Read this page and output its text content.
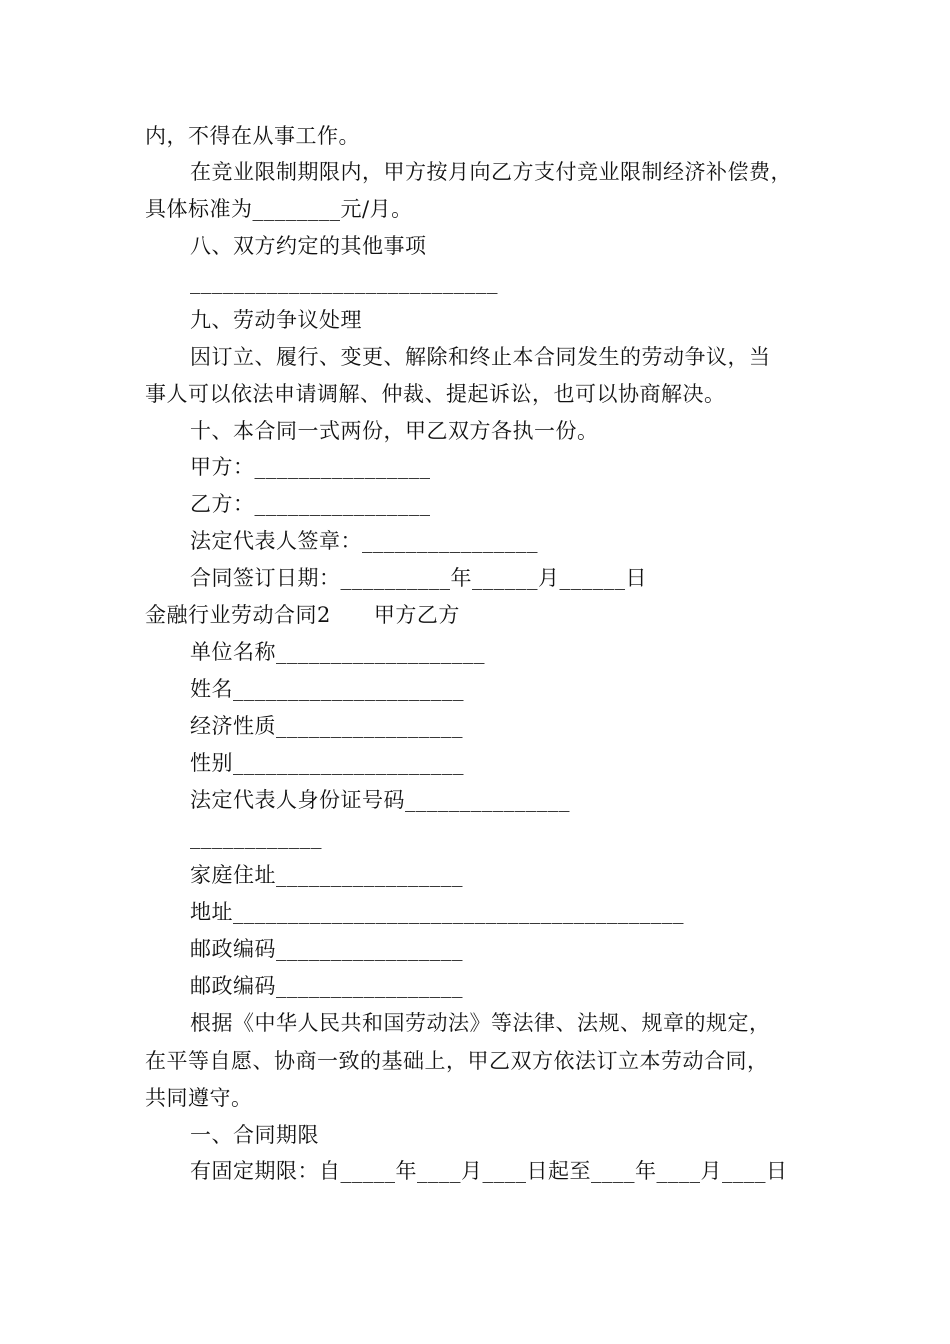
内，不得在从事工作。
在竞业限制期限内，甲方按月向乙方支付竞业限制经济补偿费，
具体标准为________元/月。
八、双方约定的其他事项
____________________________
九、劳动争议处理
因订立、履行、变更、解除和终止本合同发生的劳动争议，当
事人可以依法申请调解、仲裁、提起诉讼，也可以协商解决。
十、本合同一式两份，甲乙双方各执一份。
甲方：________________
乙方：________________
法定代表人签章：________________
合同签订日期：__________年______月______日
金融行业劳动合同2　　甲方乙方
单位名称___________________
姓名_____________________
经济性质_________________
性别_____________________
法定代表人身份证号码_______________
____________
家庭住址_________________
地址_________________________________________
邮政编码_________________
邮政编码_________________
根据《中华人民共和国劳动法》等法律、法规、规章的规定，
在平等自愿、协商一致的基础上，甲乙双方依法订立本劳动合同，
共同遵守。
一、合同期限
有固定期限：自_____年____月____日起至____年____月____日
